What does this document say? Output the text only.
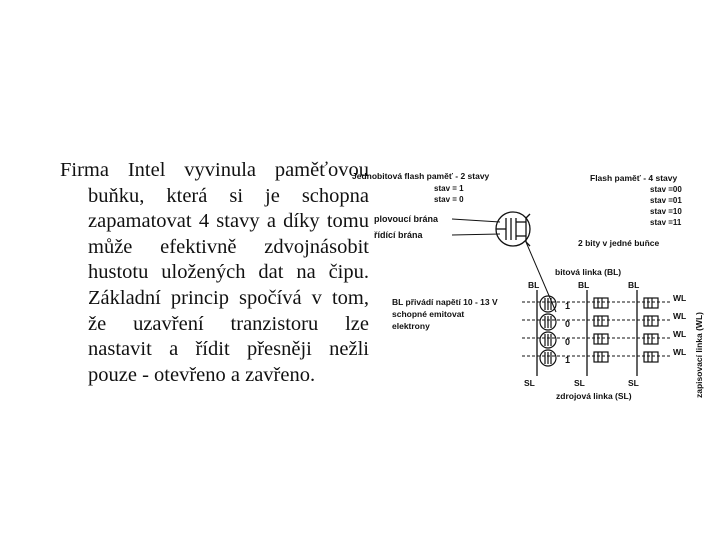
Firma Intel vyvinula paměťovou buňku, která si je schopna zapamatovat 4 stavy a díky tomu může efektivně zdvojnásobit hustotu uložených dat na čipu. Základní princip spočívá v tom, že uzavření tranzistoru lze nastavit a řídit přesněji nežli pouze - otevřeno a zavřeno.

Jednobitová flash paměť - 2 stavy
stav = 1
stav = 0
Flash paměť - 4 stavy
stav =00
stav =01
stav =10
stav =11
plovoucí brána
řídící brána
2 bity v jedné buňce
bitová linka (BL)
BL	BL	BL
BL přivádí napětí 10 - 13 V
schopné emitovat
elektrony
1
0
0
1
WL
WL
WL
WL
SL	SL	SL
zdrojová linka (SL)	zapisovací linka (WL)
